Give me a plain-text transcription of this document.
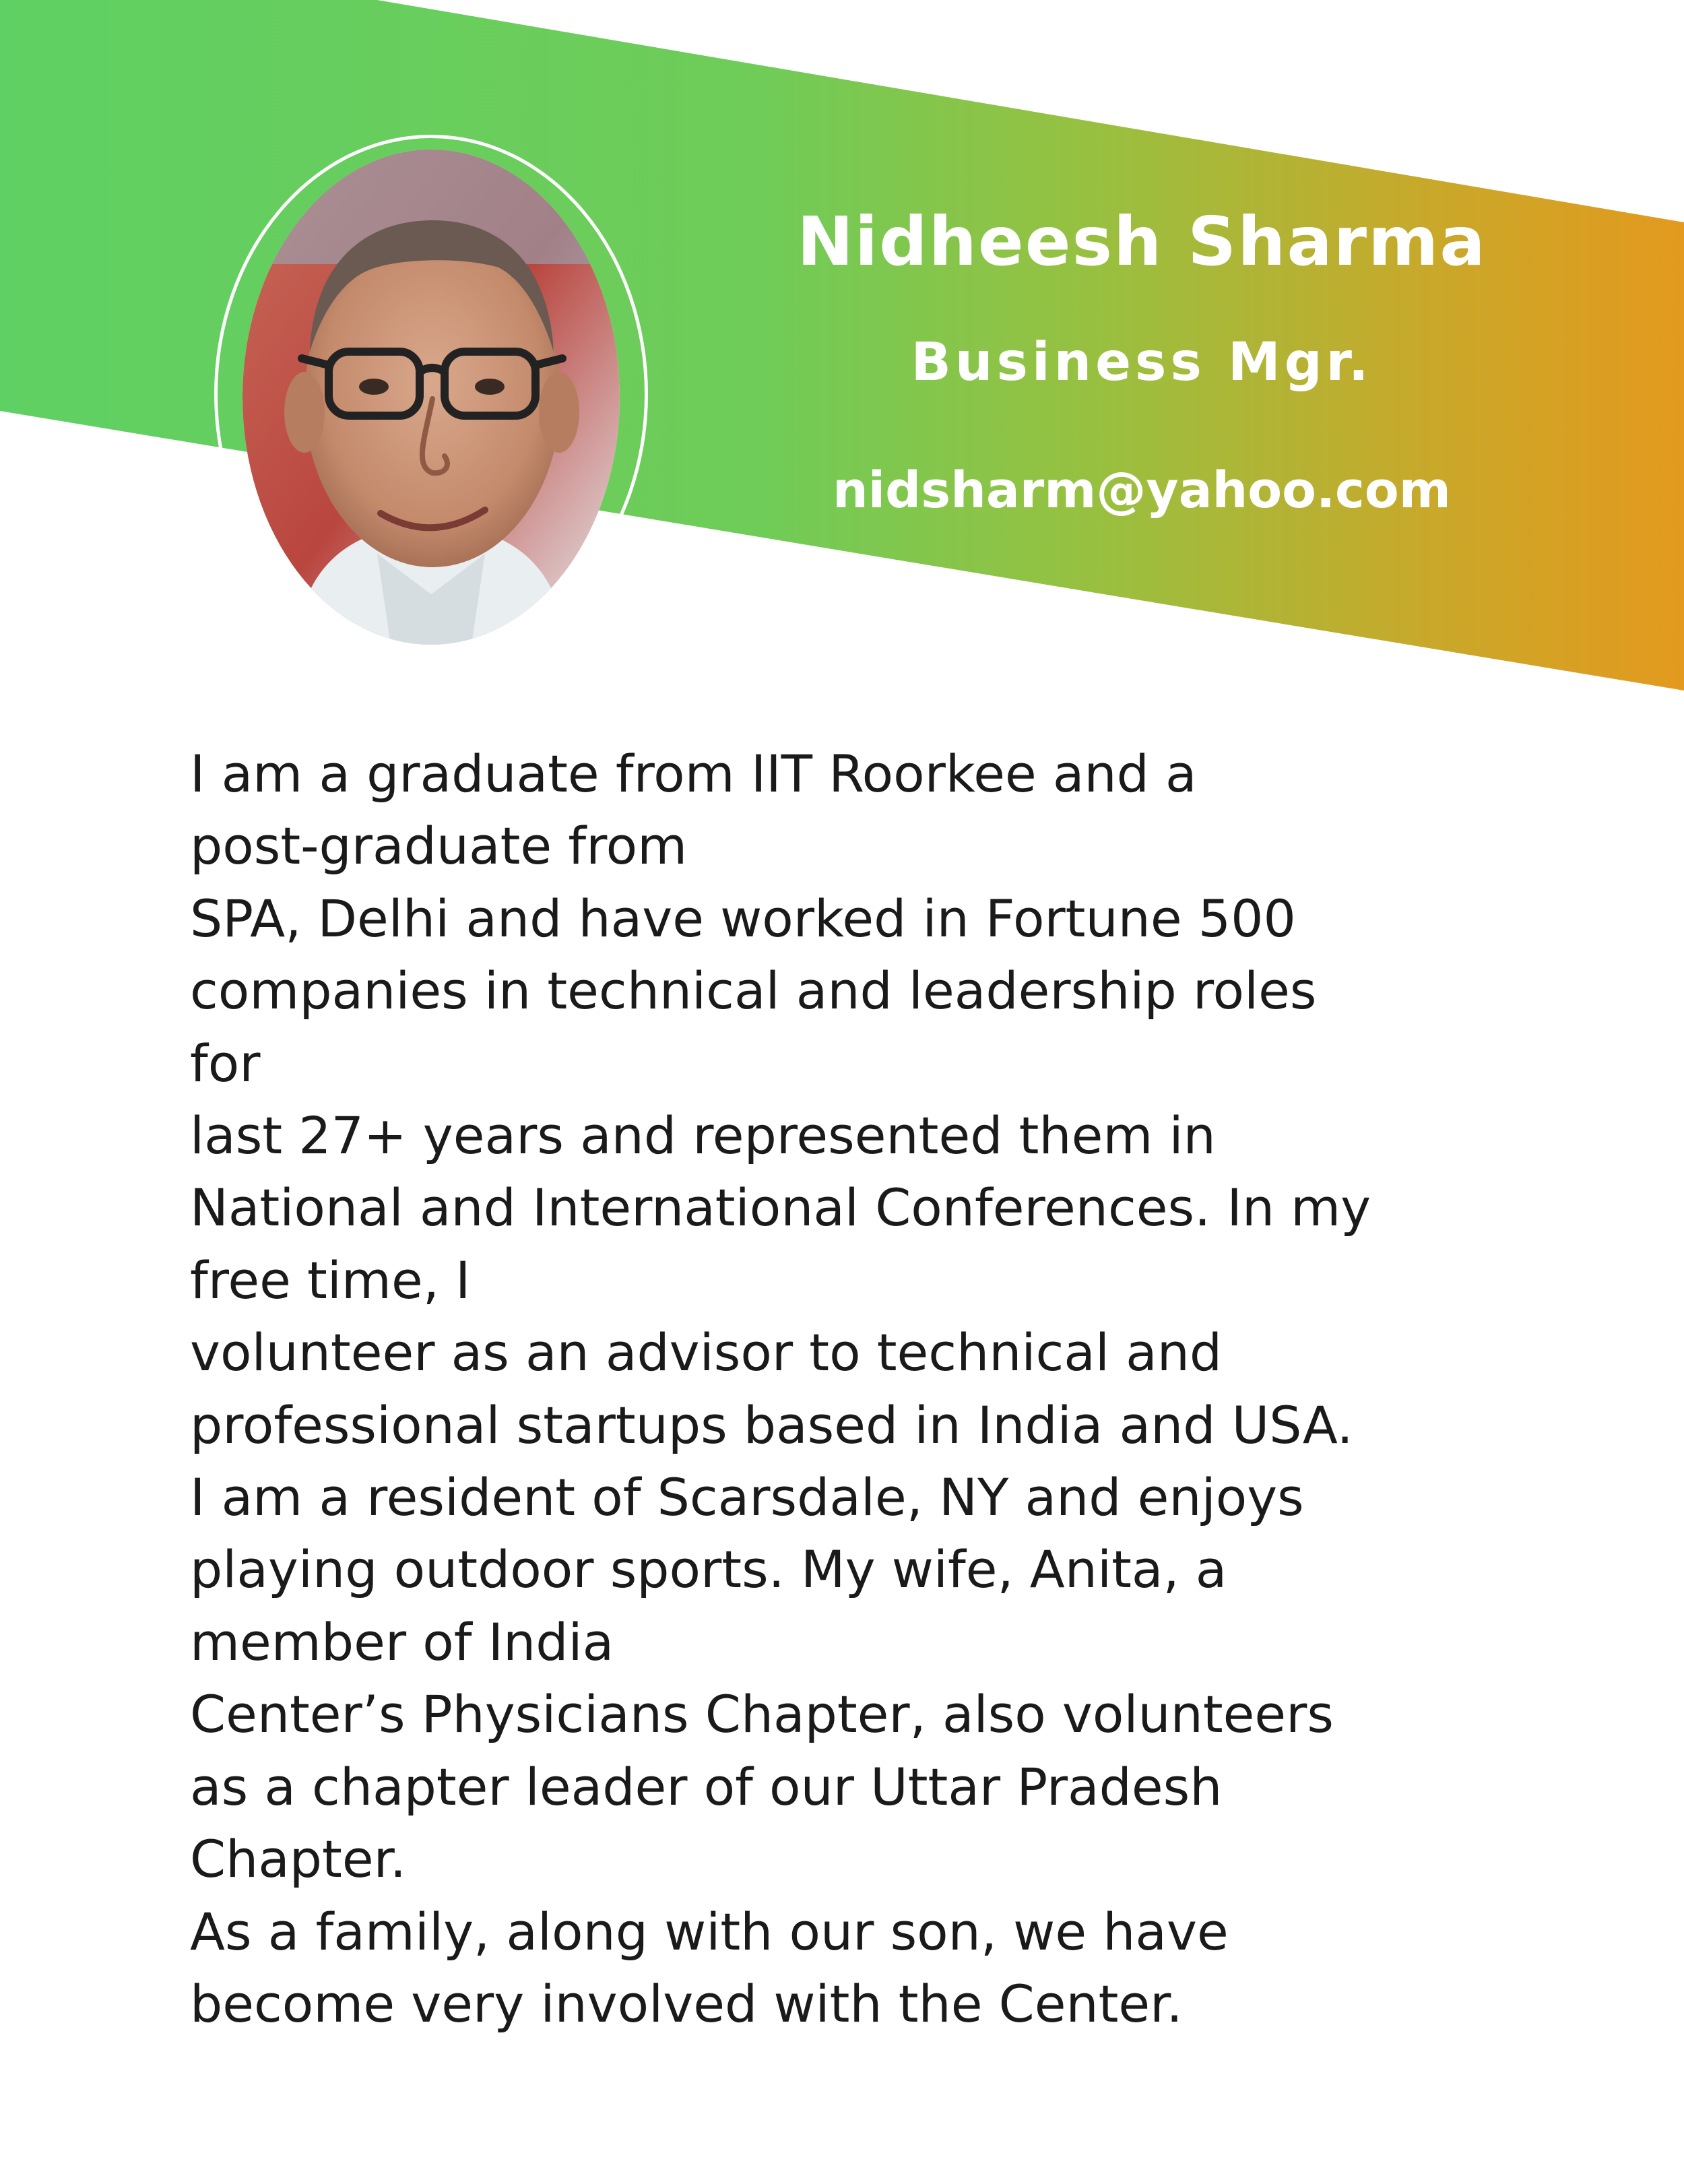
Nidheesh Sharma
Business Mgr.
nidsharm@yahoo.com
I am a graduate from IIT Roorkee and a
post-graduate from
SPA, Delhi and have worked in Fortune 500
companies in technical and leadership roles
for
last 27+ years and represented them in
National and International Conferences. In my
free time, I
volunteer as an advisor to technical and
professional startups based in India and USA.
I am a resident of Scarsdale, NY and enjoys
playing outdoor sports. My wife, Anita, a
member of India
Center’s Physicians Chapter, also volunteers
as a chapter leader of our Uttar Pradesh
Chapter.
As a family, along with our son, we have
become very involved with the Center.
